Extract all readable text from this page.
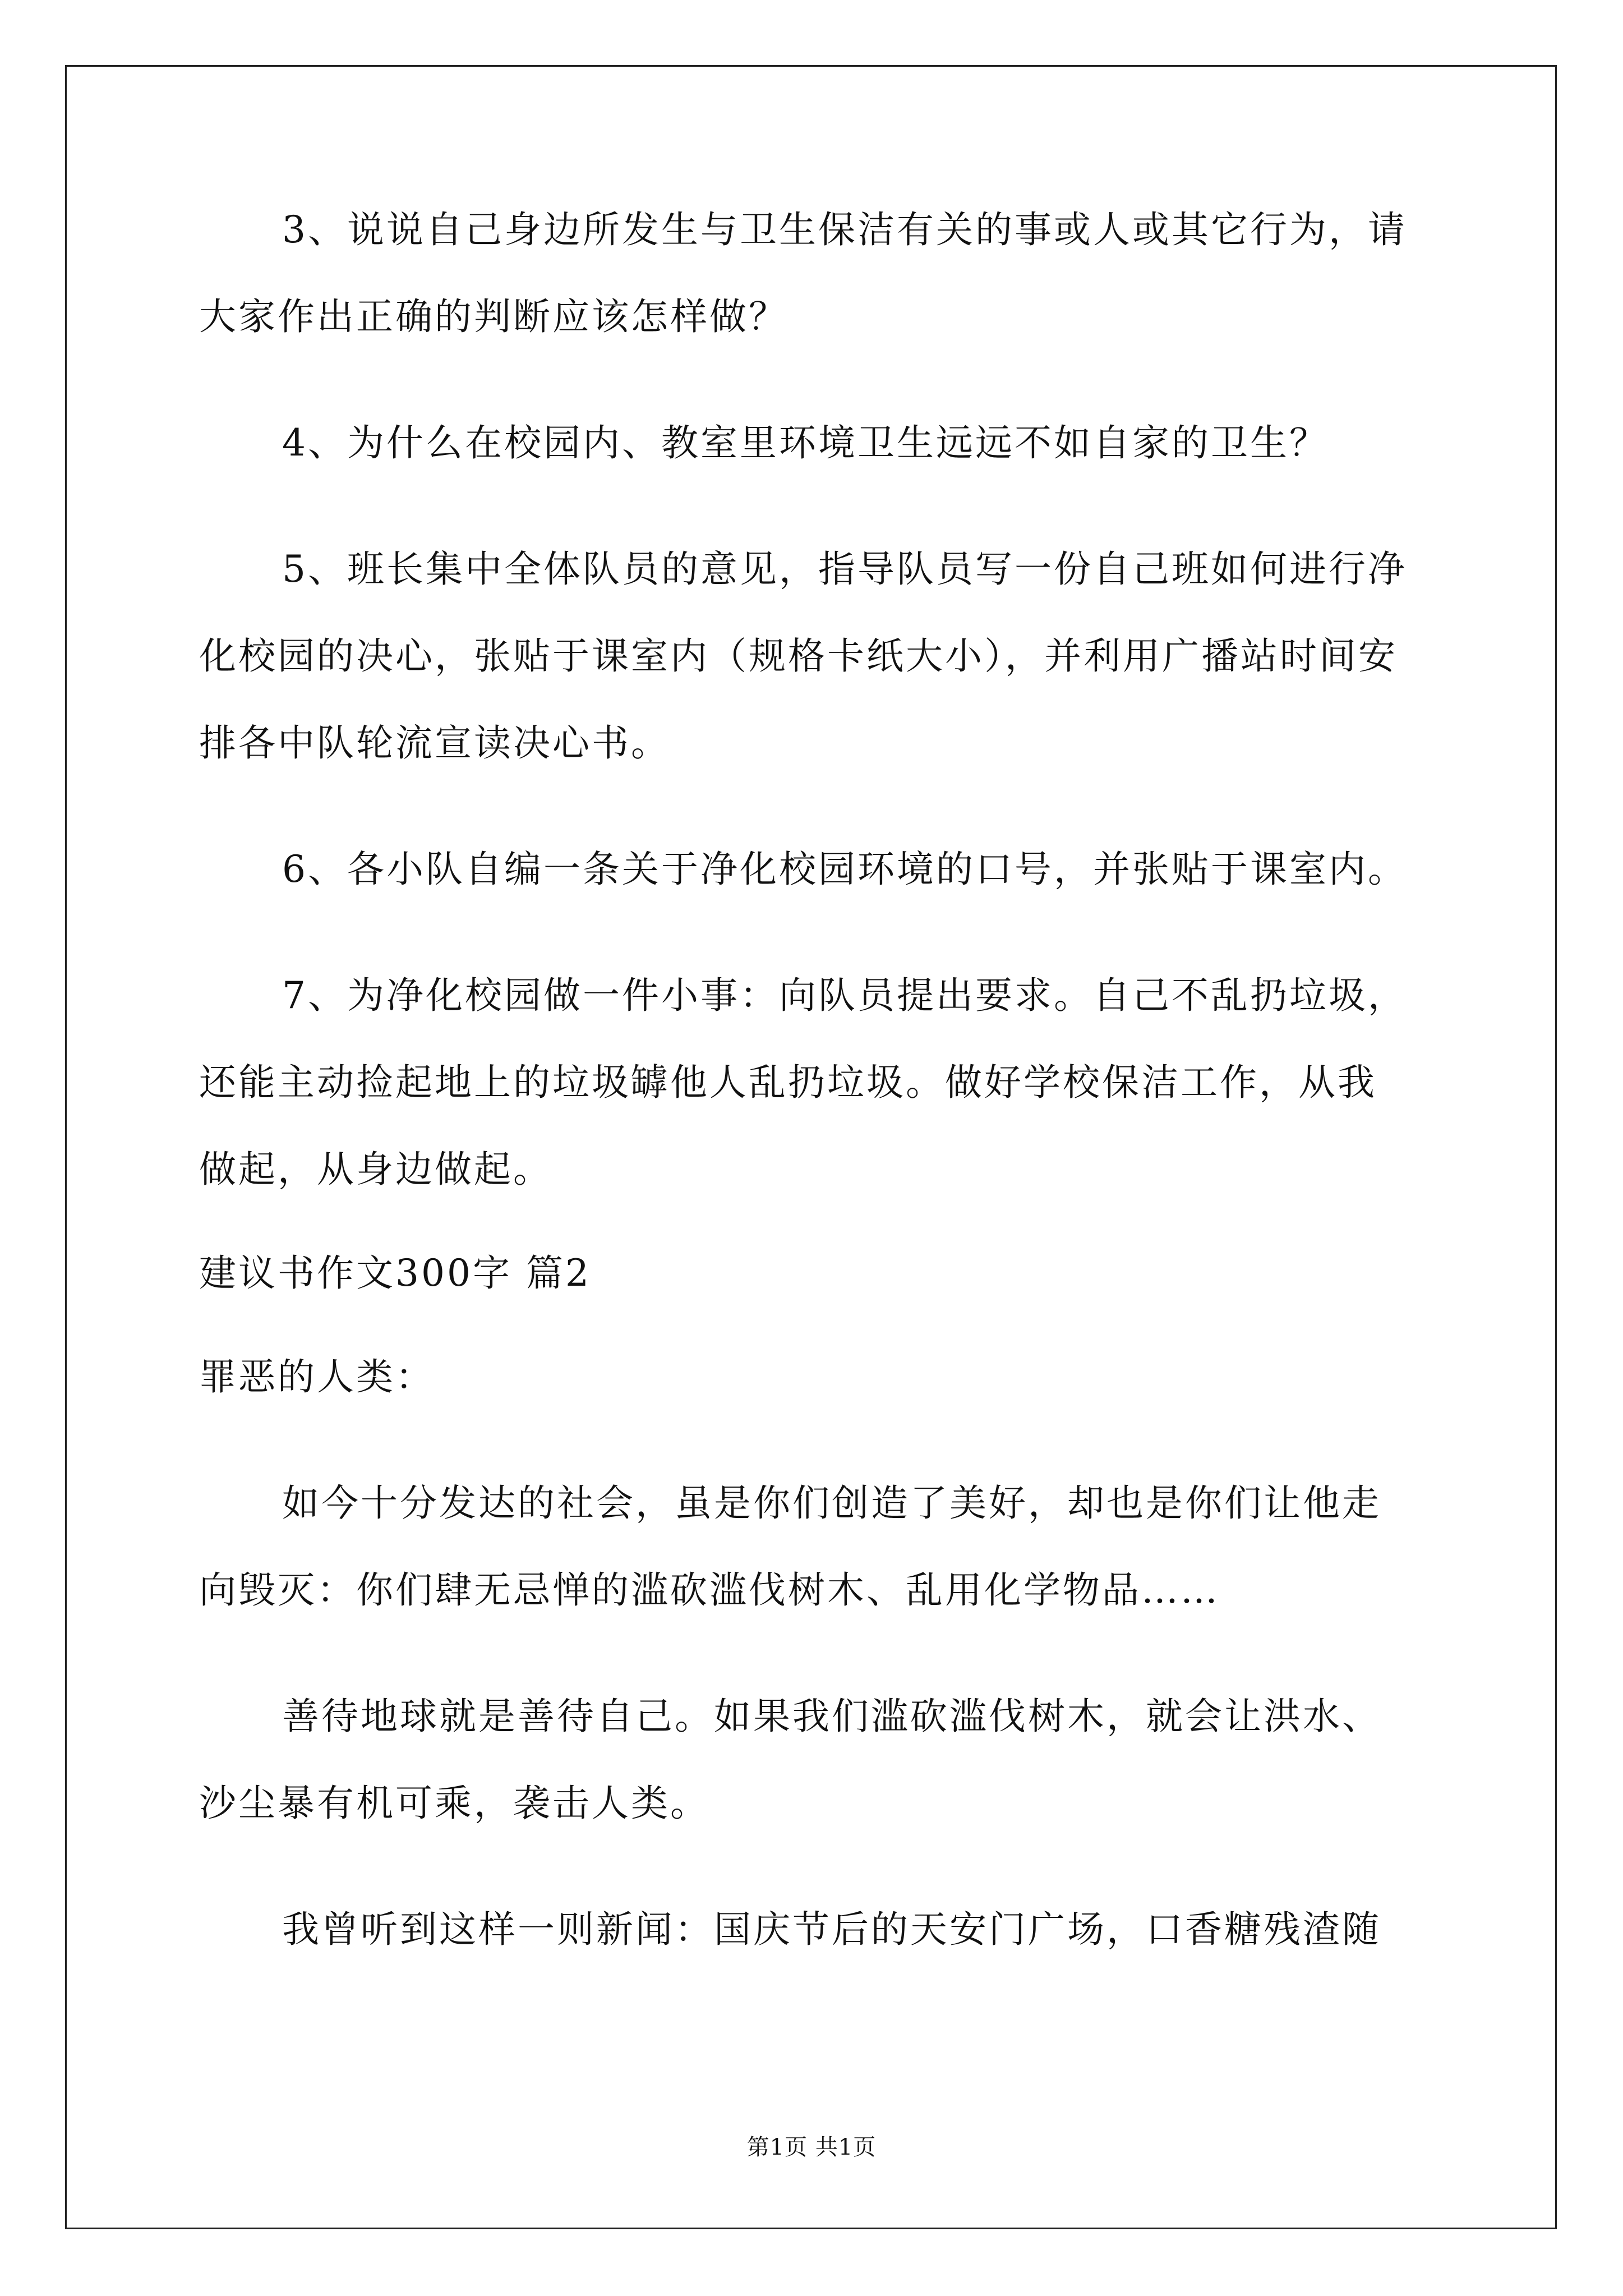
3、说说自己身边所发生与卫生保洁有关的事或人或其它行为，请
大家作出正确的判断应该怎样做？
4、为什么在校园内、教室里环境卫生远远不如自家的卫生？
5、班长集中全体队员的意见，指导队员写一份自己班如何进行净
化校园的决心，张贴于课室内（规格卡纸大小），并利用广播站时间安
排各中队轮流宣读决心书。
6、各小队自编一条关于净化校园环境的口号，并张贴于课室内。
7、为净化校园做一件小事：向队员提出要求。自己不乱扔垃圾，
还能主动捡起地上的垃圾罅他人乱扔垃圾。做好学校保洁工作，从我
做起，从身边做起。
建议书作文300字 篇2
罪恶的人类：
如今十分发达的社会，虽是你们创造了美好，却也是你们让他走
向毁灭：你们肆无忌惮的滥砍滥伐树木、乱用化学物品……
善待地球就是善待自己。如果我们滥砍滥伐树木，就会让洪水、
沙尘暴有机可乘，袭击人类。
我曾听到这样一则新闻：国庆节后的天安门广场，口香糖残渣随
第1页 共1页
